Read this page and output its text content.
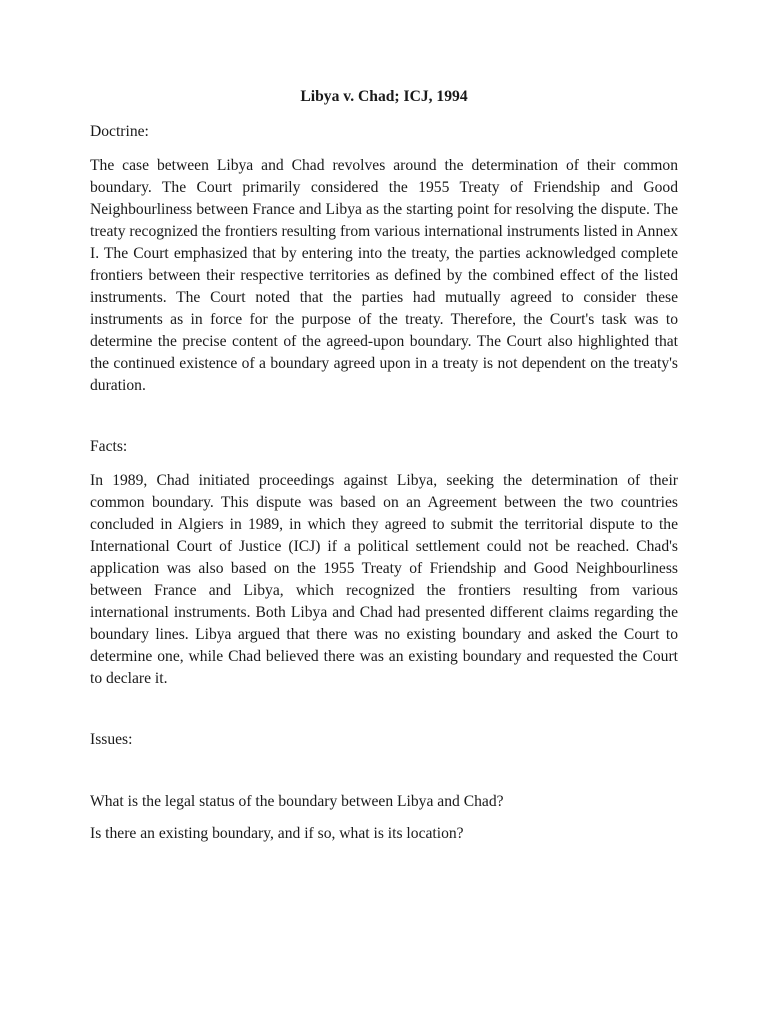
Libya v. Chad; ICJ, 1994

Doctrine:

The case between Libya and Chad revolves around the determination of their common boundary. The Court primarily considered the 1955 Treaty of Friendship and Good Neighbourliness between France and Libya as the starting point for resolving the dispute. The treaty recognized the frontiers resulting from various international instruments listed in Annex I. The Court emphasized that by entering into the treaty, the parties acknowledged complete frontiers between their respective territories as defined by the combined effect of the listed instruments. The Court noted that the parties had mutually agreed to consider these instruments as in force for the purpose of the treaty. Therefore, the Court's task was to determine the precise content of the agreed-upon boundary. The Court also highlighted that the continued existence of a boundary agreed upon in a treaty is not dependent on the treaty's duration.

Facts:

In 1989, Chad initiated proceedings against Libya, seeking the determination of their common boundary. This dispute was based on an Agreement between the two countries concluded in Algiers in 1989, in which they agreed to submit the territorial dispute to the International Court of Justice (ICJ) if a political settlement could not be reached. Chad's application was also based on the 1955 Treaty of Friendship and Good Neighbourliness between France and Libya, which recognized the frontiers resulting from various international instruments. Both Libya and Chad had presented different claims regarding the boundary lines. Libya argued that there was no existing boundary and asked the Court to determine one, while Chad believed there was an existing boundary and requested the Court to declare it.

Issues:

What is the legal status of the boundary between Libya and Chad?

Is there an existing boundary, and if so, what is its location?
